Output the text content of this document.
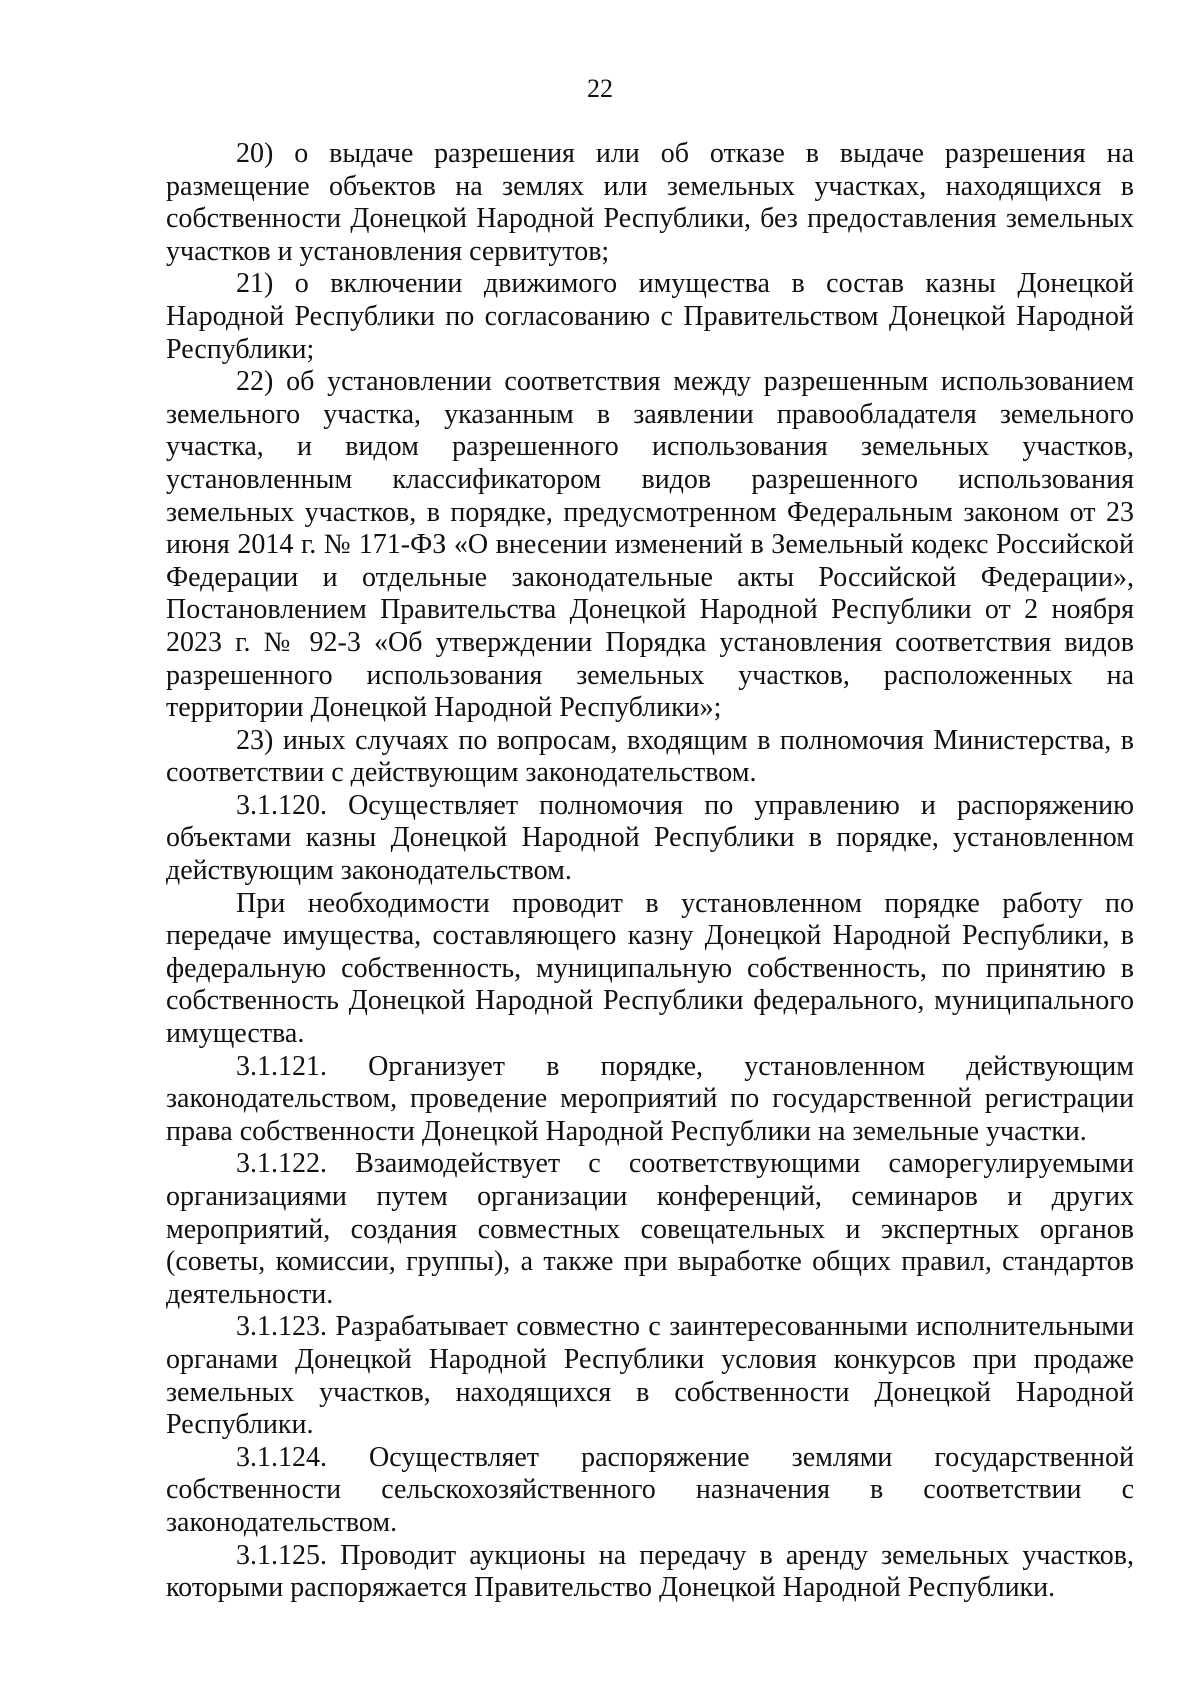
22

20) о выдаче разрешения или об отказе в выдаче разрешения на размещение объектов на землях или земельных участках, находящихся в собственности Донецкой Народной Республики, без предоставления земельных участков и установления сервитутов;

21) о включении движимого имущества в состав казны Донецкой Народной Республики по согласованию с Правительством Донецкой Народной Республики;

22) об установлении соответствия между разрешенным использованием земельного участка, указанным в заявлении правообладателя земельного участка, и видом разрешенного использования земельных участков, установленным классификатором видов разрешенного использования земельных участков, в порядке, предусмотренном Федеральным законом от 23 июня 2014 г. № 171-ФЗ «О внесении изменений в Земельный кодекс Российской Федерации и отдельные законодательные акты Российской Федерации», Постановлением Правительства Донецкой Народной Республики от 2 ноября 2023 г. № 92-3 «Об утверждении Порядка установления соответствия видов разрешенного использования земельных участков, расположенных на территории Донецкой Народной Республики»;

23) иных случаях по вопросам, входящим в полномочия Министерства, в соответствии с действующим законодательством.

3.1.120. Осуществляет полномочия по управлению и распоряжению объектами казны Донецкой Народной Республики в порядке, установленном действующим законодательством.

При необходимости проводит в установленном порядке работу по передаче имущества, составляющего казну Донецкой Народной Республики, в федеральную собственность, муниципальную собственность, по принятию в собственность Донецкой Народной Республики федерального, муниципального имущества.

3.1.121. Организует в порядке, установленном действующим законодательством, проведение мероприятий по государственной регистрации права собственности Донецкой Народной Республики на земельные участки.

3.1.122. Взаимодействует с соответствующими саморегулируемыми организациями путем организации конференций, семинаров и других мероприятий, создания совместных совещательных и экспертных органов (советы, комиссии, группы), а также при выработке общих правил, стандартов деятельности.

3.1.123. Разрабатывает совместно с заинтересованными исполнительными органами Донецкой Народной Республики условия конкурсов при продаже земельных участков, находящихся в собственности Донецкой Народной Республики.

3.1.124. Осуществляет распоряжение землями государственной собственности сельскохозяйственного назначения в соответствии с законодательством.

3.1.125. Проводит аукционы на передачу в аренду земельных участков, которыми распоряжается Правительство Донецкой Народной Республики.
